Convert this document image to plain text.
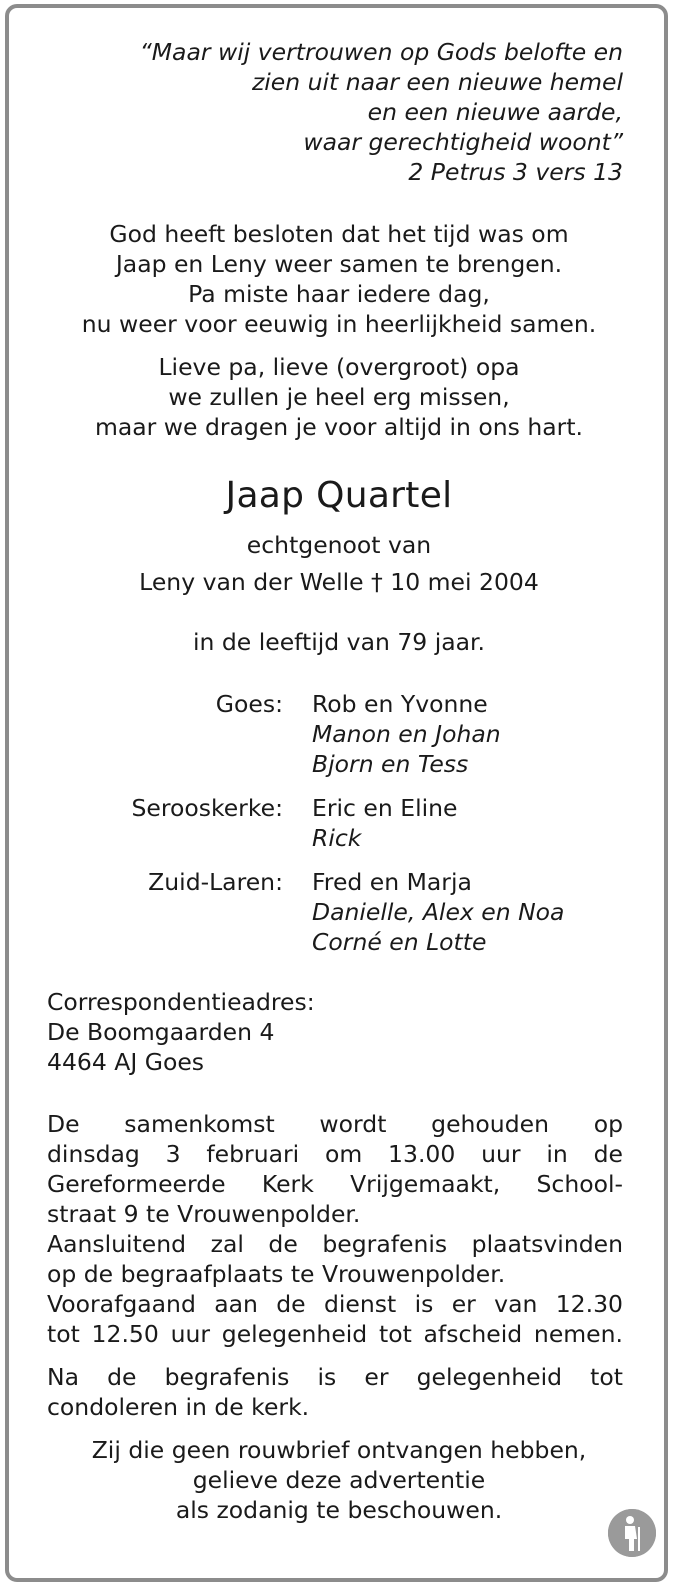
“Maar wij vertrouwen op Gods belofte en
zien uit naar een nieuwe hemel
en een nieuwe aarde,
waar gerechtigheid woont”
2 Petrus 3 vers 13
God heeft besloten dat het tijd was om
Jaap en Leny weer samen te brengen.
Pa miste haar iedere dag,
nu weer voor eeuwig in heerlijkheid samen.
Lieve pa, lieve (overgroot) opa
we zullen je heel erg missen,
maar we dragen je voor altijd in ons hart.
Jaap Quartel
echtgenoot van
Leny van der Welle † 10 mei 2004
in de leeftijd van 79 jaar.
Goes: Rob en Yvonne
Manon en Johan
Bjorn en Tess
Serooskerke: Eric en Eline
Rick
Zuid-Laren: Fred en Marja
Danielle, Alex en Noa
Corné en Lotte
Correspondentieadres:
De Boomgaarden 4
4464 AJ Goes
De samenkomst wordt gehouden op
dinsdag 3 februari om 13.00 uur in de
Gereformeerde Kerk Vrijgemaakt, School-
straat 9 te Vrouwenpolder.
Aansluitend zal de begrafenis plaatsvinden
op de begraafplaats te Vrouwenpolder.
Voorafgaand aan de dienst is er van 12.30
tot 12.50 uur gelegenheid tot afscheid nemen.
Na de begrafenis is er gelegenheid tot
condoleren in de kerk.
Zij die geen rouwbrief ontvangen hebben,
gelieve deze advertentie
als zodanig te beschouwen.
